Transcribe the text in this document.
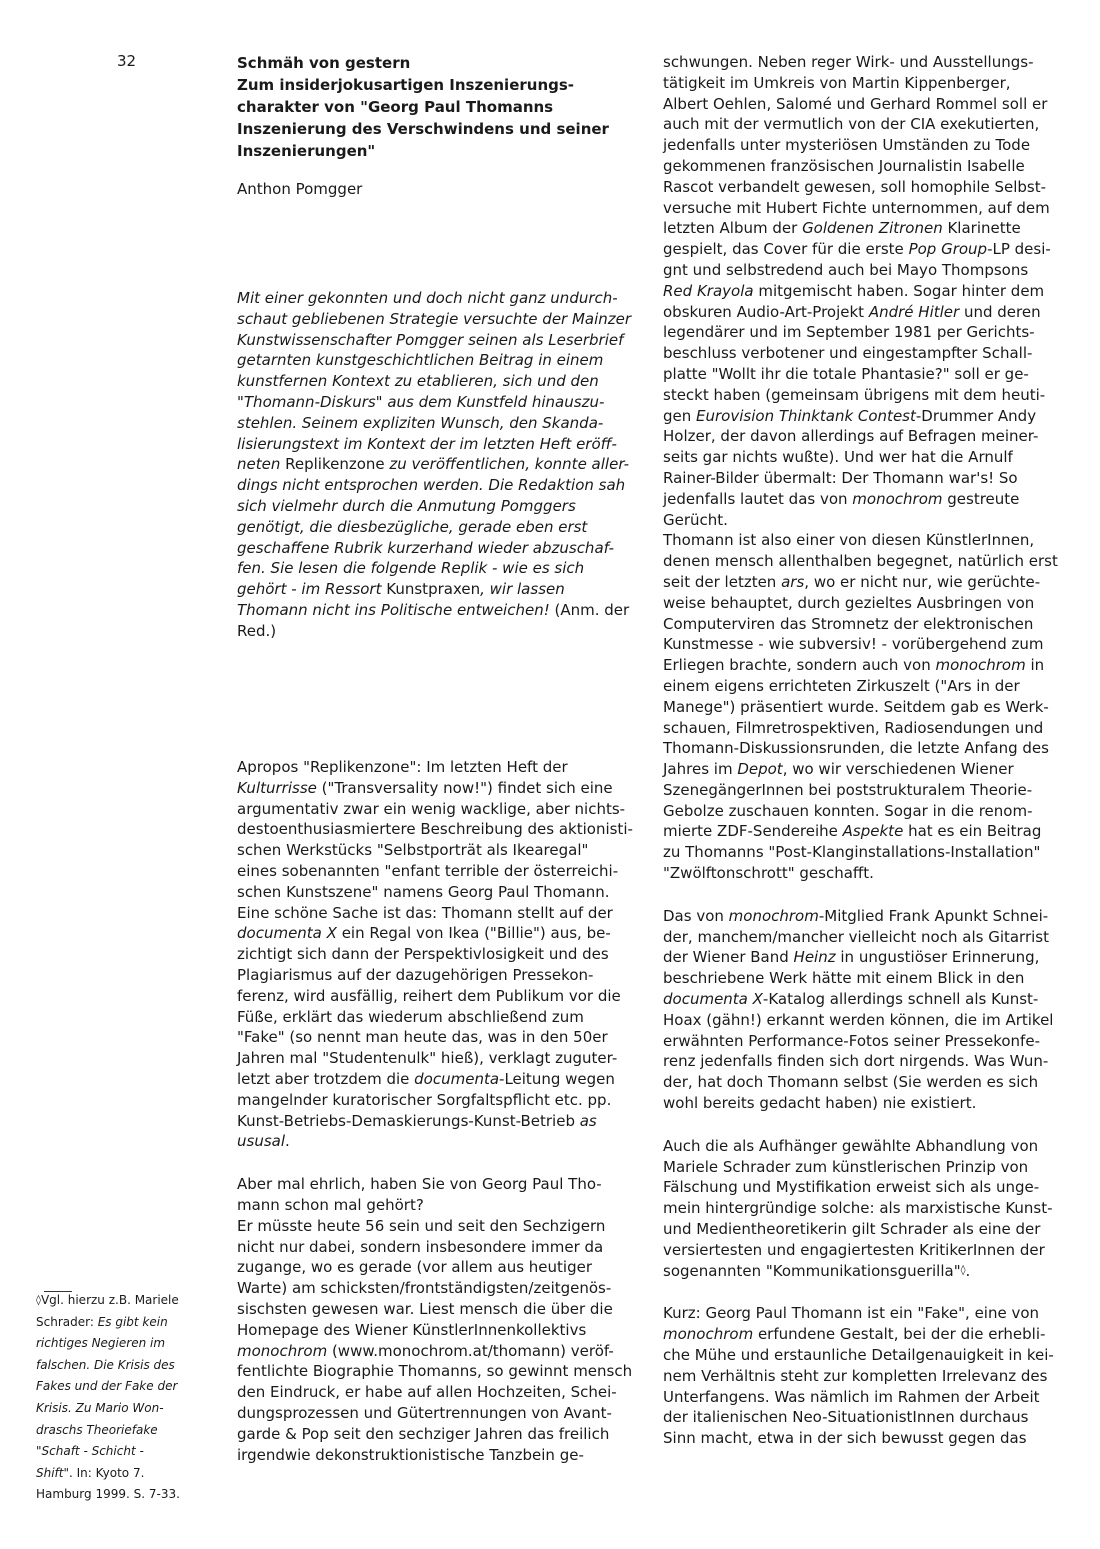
32	Schmäh von gestern
Zum insiderjokusartigen Inszenierungs-
charakter von "Georg Paul Thomanns
Inszenierung des Verschwindens und seiner
Inszenierungen"
Anthon Pomgger
Mit einer gekonnten und doch nicht ganz undurch-
schaut gebliebenen Strategie versuchte der Mainzer
Kunstwissenschafter Pomgger seinen als Leserbrief
getarnten kunstgeschichtlichen Beitrag in einem
kunstfernen Kontext zu etablieren, sich und den
"Thomann-Diskurs" aus dem Kunstfeld hinauszu-
stehlen. Seinem expliziten Wunsch, den Skanda-
lisierungstext im Kontext der im letzten Heft eröff-
neten Replikenzone zu veröffentlichen, konnte aller-
dings nicht entsprochen werden. Die Redaktion sah
sich vielmehr durch die Anmutung Pomggers
genötigt, die diesbezügliche, gerade eben erst
geschaffene Rubrik kurzerhand wieder abzuschaf-
fen. Sie lesen die folgende Replik - wie es sich
gehört - im Ressort Kunstpraxen, wir lassen
Thomann nicht ins Politische entweichen! (Anm. der
Red.)
Apropos "Replikenzone": Im letzten Heft der
Kulturrisse ("Transversality now!") findet sich eine
argumentativ zwar ein wenig wacklige, aber nichts-
destoenthusiasmiertere Beschreibung des aktionisti-
schen Werkstücks "Selbstporträt als Ikearegal"
eines sobenannten "enfant terrible der österreichi-
schen Kunstszene" namens Georg Paul Thomann.
Eine schöne Sache ist das: Thomann stellt auf der
documenta X ein Regal von Ikea ("Billie") aus, be-
zichtigt sich dann der Perspektivlosigkeit und des
Plagiarismus auf der dazugehörigen Pressekon-
ferenz, wird ausfällig, reihert dem Publikum vor die
Füße, erklärt das wiederum abschließend zum
"Fake" (so nennt man heute das, was in den 50er
Jahren mal "Studentenulk" hieß), verklagt zuguter-
letzt aber trotzdem die documenta-Leitung wegen
mangelnder kuratorischer Sorgfaltspflicht etc. pp.
Kunst-Betriebs-Demaskierungs-Kunst-Betrieb as
ususal.
Aber mal ehrlich, haben Sie von Georg Paul Tho-
mann schon mal gehört?
Er müsste heute 56 sein und seit den Sechzigern
nicht nur dabei, sondern insbesondere immer da
zugange, wo es gerade (vor allem aus heutiger
Warte) am schicksten/frontständigsten/zeitgenös-
sischsten gewesen war. Liest mensch die über die
Homepage des Wiener KünstlerInnenkollektivs
monochrom (www.monochrom.at/thomann) veröf-
fentlichte Biographie Thomanns, so gewinnt mensch
den Eindruck, er habe auf allen Hochzeiten, Schei-
dungsprozessen und Gütertrennungen von Avant-
garde & Pop seit den sechziger Jahren das freilich
irgendwie dekonstruktionistische Tanzbein ge-
schwungen. Neben reger Wirk- und Ausstellungs-
tätigkeit im Umkreis von Martin Kippenberger,
Albert Oehlen, Salomé und Gerhard Rommel soll er
auch mit der vermutlich von der CIA exekutierten,
jedenfalls unter mysteriösen Umständen zu Tode
gekommenen französischen Journalistin Isabelle
Rascot verbandelt gewesen, soll homophile Selbst-
versuche mit Hubert Fichte unternommen, auf dem
letzten Album der Goldenen Zitronen Klarinette
gespielt, das Cover für die erste Pop Group-LP desi-
gnt und selbstredend auch bei Mayo Thompsons
Red Krayola mitgemischt haben. Sogar hinter dem
obskuren Audio-Art-Projekt André Hitler und deren
legendärer und im September 1981 per Gerichts-
beschluss verbotener und eingestampfter Schall-
platte "Wollt ihr die totale Phantasie?" soll er ge-
steckt haben (gemeinsam übrigens mit dem heuti-
gen Eurovision Thinktank Contest-Drummer Andy
Holzer, der davon allerdings auf Befragen meiner-
seits gar nichts wußte). Und wer hat die Arnulf
Rainer-Bilder übermalt: Der Thomann war's! So
jedenfalls lautet das von monochrom gestreute
Gerücht.
Thomann ist also einer von diesen KünstlerInnen,
denen mensch allenthalben begegnet, natürlich erst
seit der letzten ars, wo er nicht nur, wie gerüchte-
weise behauptet, durch gezieltes Ausbringen von
Computerviren das Stromnetz der elektronischen
Kunstmesse - wie subversiv! - vorübergehend zum
Erliegen brachte, sondern auch von monochrom in
einem eigens errichteten Zirkuszelt ("Ars in der
Manege") präsentiert wurde. Seitdem gab es Werk-
schauen, Filmretrospektiven, Radiosendungen und
Thomann-Diskussionsrunden, die letzte Anfang des
Jahres im Depot, wo wir verschiedenen Wiener
SzenegängerInnen bei poststrukturalem Theorie-
Gebolze zuschauen konnten. Sogar in die renom-
mierte ZDF-Sendereihe Aspekte hat es ein Beitrag
zu Thomanns "Post-Klanginstallations-Installation"
"Zwölftonschrott" geschafft.
Das von monochrom-Mitglied Frank Apunkt Schnei-
der, manchem/mancher vielleicht noch als Gitarrist
der Wiener Band Heinz in ungustiöser Erinnerung,
beschriebene Werk hätte mit einem Blick in den
documenta X-Katalog allerdings schnell als Kunst-
Hoax (gähn!) erkannt werden können, die im Artikel
erwähnten Performance-Fotos seiner Pressekonfe-
renz jedenfalls finden sich dort nirgends. Was Wun-
der, hat doch Thomann selbst (Sie werden es sich
wohl bereits gedacht haben) nie existiert.
Auch die als Aufhänger gewählte Abhandlung von
Mariele Schrader zum künstlerischen Prinzip von
Fälschung und Mystifikation erweist sich als unge-
mein hintergründige solche: als marxistische Kunst-
und Medientheoretikerin gilt Schrader als eine der
versiertesten und engagiertesten KritikerInnen der
sogenannten "Kommunikationsguerilla"◊.
Kurz: Georg Paul Thomann ist ein "Fake", eine von
monochrom erfundene Gestalt, bei der die erhebli-
che Mühe und erstaunliche Detailgenauigkeit in kei-
nem Verhältnis steht zur kompletten Irrelevanz des
Unterfangens. Was nämlich im Rahmen der Arbeit
der italienischen Neo-SituationistInnen durchaus
Sinn macht, etwa in der sich bewusst gegen das
◊Vgl. hierzu z.B. Mariele
Schrader: Es gibt kein
richtiges Negieren im
falschen. Die Krisis des
Fakes und der Fake der
Krisis. Zu Mario Won-
draschs Theoriefake
"Schaft - Schicht -
Shift". In: Kyoto 7.
Hamburg 1999. S. 7-33.
